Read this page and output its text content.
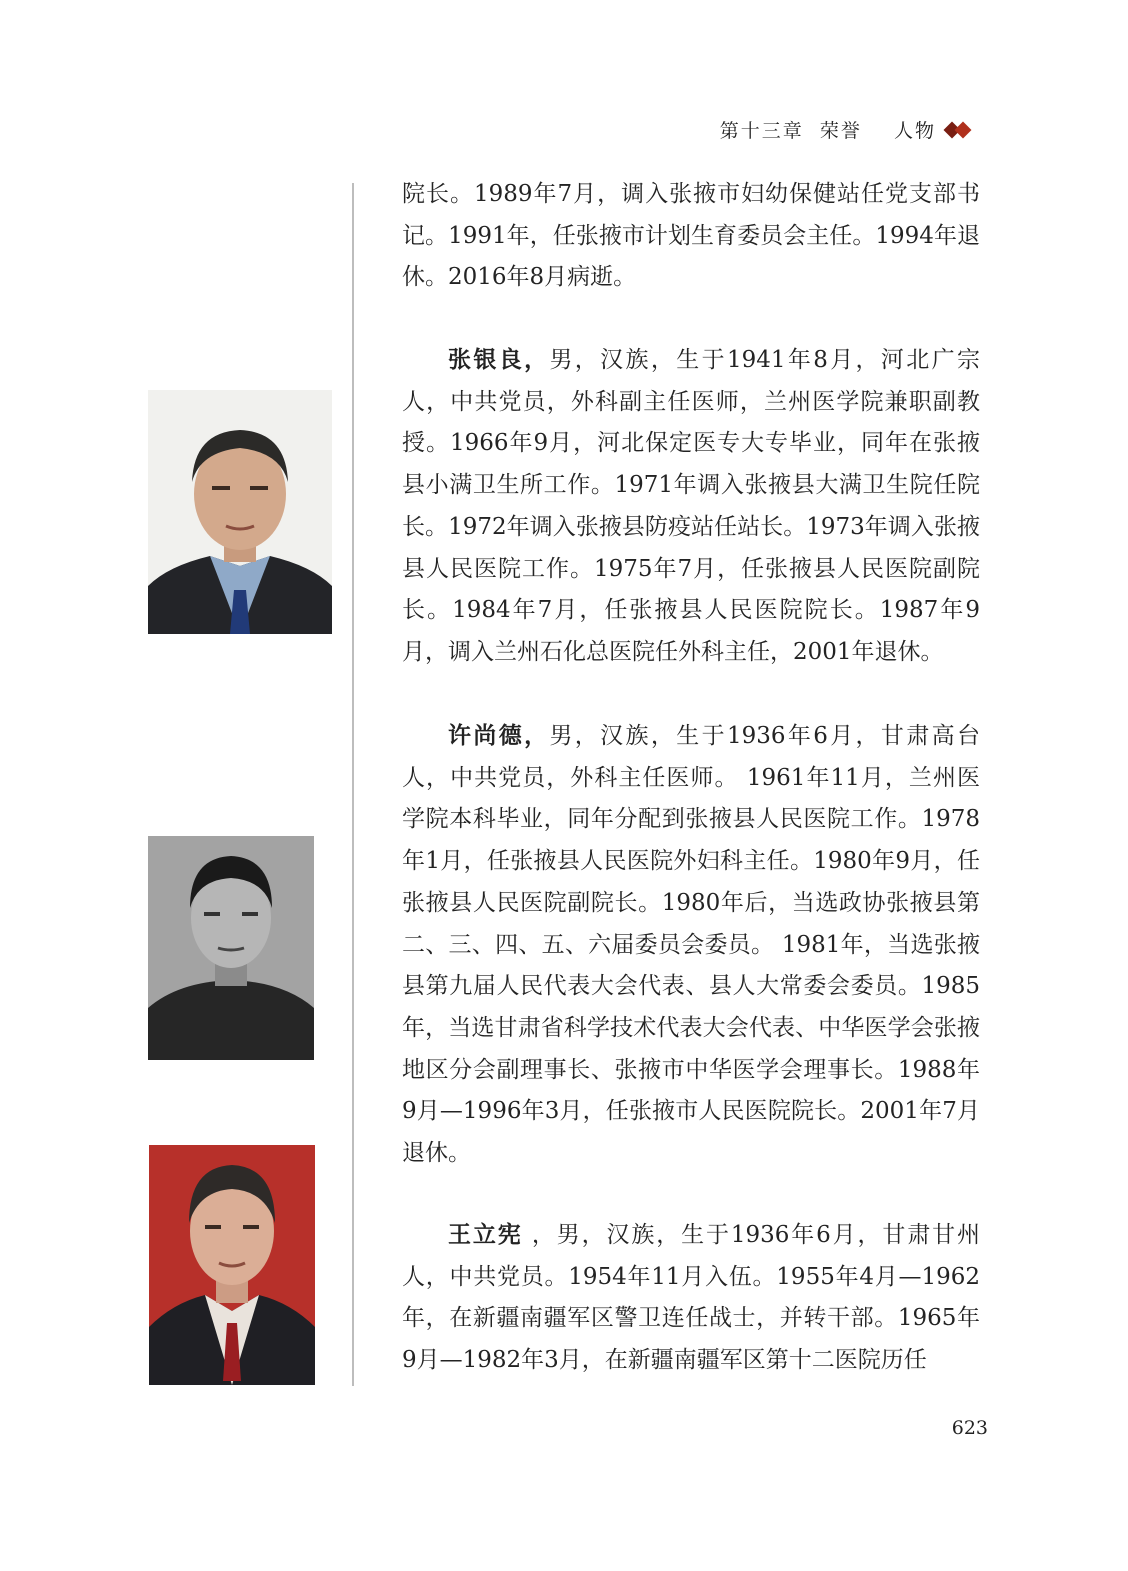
第十三章  荣誉    人物

院长。1989年7月，调入张掖市妇幼保健站任党支部书记。1991年，任张掖市计划生育委员会主任。1994年退休。2016年8月病逝。

张银良，男，汉族，生于1941年8月，河北广宗人，中共党员，外科副主任医师，兰州医学院兼职副教授。1966年9月，河北保定医专大专毕业，同年在张掖县小满卫生所工作。1971年调入张掖县大满卫生院任院长。1972年调入张掖县防疫站任站长。1973年调入张掖县人民医院工作。1975年7月，任张掖县人民医院副院长。1984年7月，任张掖县人民医院院长。1987年9月，调入兰州石化总医院任外科主任，2001年退休。

许尚德，男，汉族，生于1936年6月，甘肃高台人，中共党员，外科主任医师。 1961年11月，兰州医学院本科毕业，同年分配到张掖县人民医院工作。1978年1月，任张掖县人民医院外妇科主任。1980年9月，任张掖县人民医院副院长。1980年后，当选政协张掖县第二、三、四、五、六届委员会委员。 1981年，当选张掖县第九届人民代表大会代表、县人大常委会委员。1985年，当选甘肃省科学技术代表大会代表、中华医学会张掖地区分会副理事长、张掖市中华医学会理事长。1988年9月—1996年3月，任张掖市人民医院院长。2001年7月退休。

王立宪 ，男，汉族，生于1936年6月，甘肃甘州人，中共党员。1954年11月入伍。1955年4月—1962年，在新疆南疆军区警卫连任战士，并转干部。1965年9月—1982年3月，在新疆南疆军区第十二医院历任

623
